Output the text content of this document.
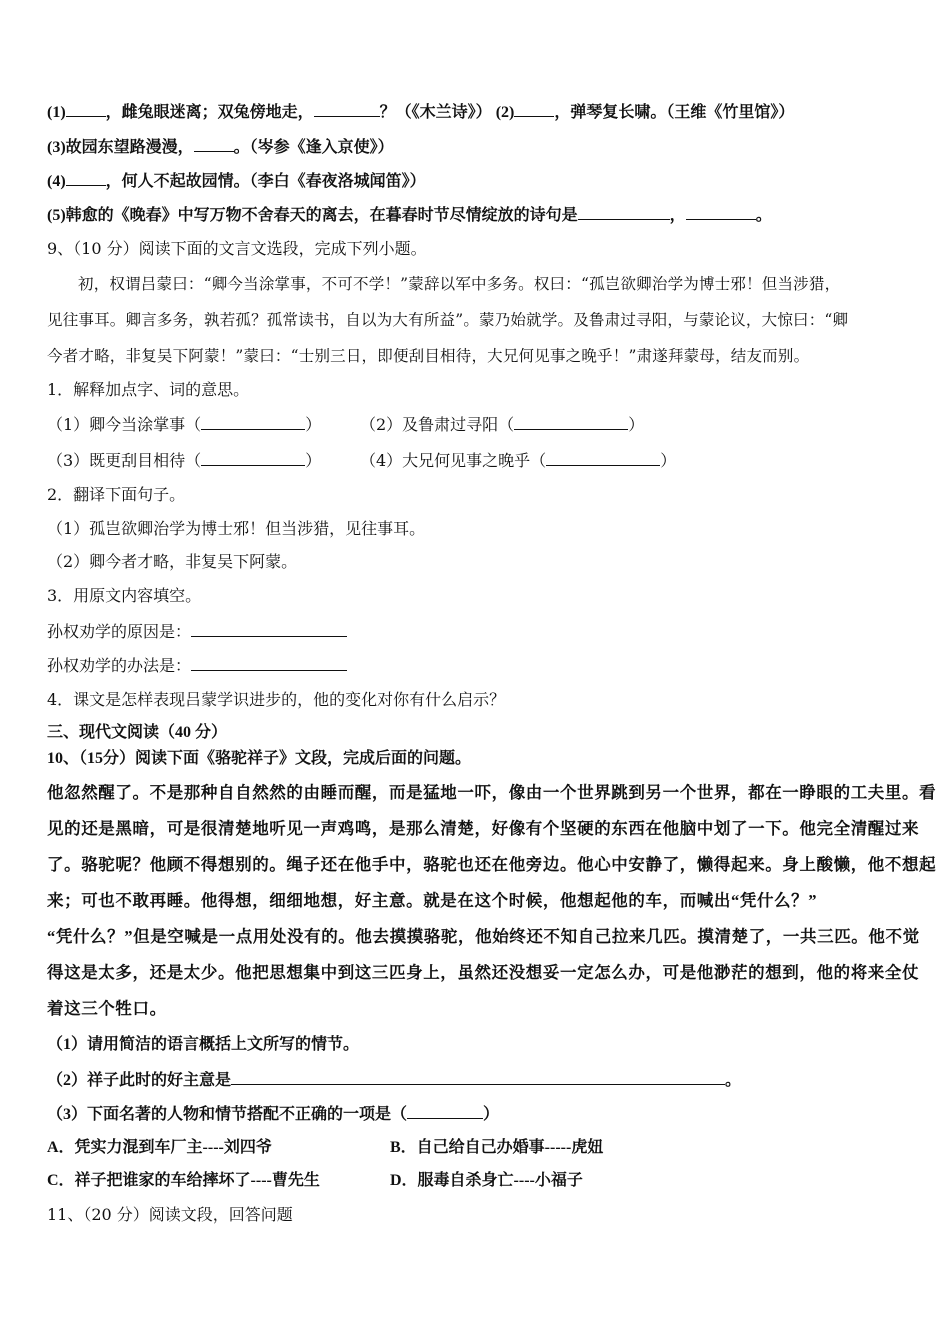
(1)	，雌兔眼迷离；双兔傍地走，	？（《木兰诗》） (2)	，弹琴复长啸。（王维《竹里馆》）
(3)故园东望路漫漫，	。（岑参《逢入京使》）
(4)	，何人不起故园情。（李白《春夜洛城闻笛》）
(5)韩愈的《晚春》中写万物不舍春天的离去，在暮春时节尽情绽放的诗句是	，	。
9、（10 分）阅读下面的文言文选段，完成下列小题。
初，权谓吕蒙曰：“卿今当涂掌事，不可不学！”蒙辞以军中多务。权曰：“孤岂欲卿治学为博士邪！但当涉猎，
见往事耳。卿言多务，孰若孤？孤常读书，自以为大有所益”。蒙乃始就学。及鲁肃过寻阳，与蒙论议，大惊曰：“卿
今者才略，非复吴下阿蒙！”蒙曰：“士别三日，即便刮目相待，大兄何见事之晚乎！”肃遂拜蒙母，结友而别。
1．解释加点字、词的意思。
（1）卿今当涂掌事（	） （2）及鲁肃过寻阳（	）
（3）既更刮目相待（	） （4）大兄何见事之晚乎（	）
2．翻译下面句子。
（1）孤岂欲卿治学为博士邪！但当涉猎，见往事耳。
（2）卿今者才略，非复吴下阿蒙。
3．用原文内容填空。
孙权劝学的原因是：
孙权劝学的办法是：
4．课文是怎样表现吕蒙学识进步的，他的变化对你有什么启示？
三、现代文阅读（40 分）
10、（15分）阅读下面《骆驼祥子》文段，完成后面的问题。
他忽然醒了。不是那种自自然然的由睡而醒，而是猛地一吓，像由一个世界跳到另一个世界，都在一睁眼的工夫里。看
见的还是黑暗，可是很清楚地听见一声鸡鸣，是那么清楚，好像有个坚硬的东西在他脑中划了一下。他完全清醒过来
了。骆驼呢？他顾不得想别的。绳子还在他手中，骆驼也还在他旁边。他心中安静了，懒得起来。身上酸懒，他不想起
来；可也不敢再睡。他得想，细细地想，好主意。就是在这个时候，他想起他的车，而喊出“凭什么？”
“凭什么？”但是空喊是一点用处没有的。他去摸摸骆驼，他始终还不知自己拉来几匹。摸清楚了，一共三匹。他不觉
得这是太多，还是太少。他把思想集中到这三匹身上，虽然还没想妥一定怎么办，可是他渺茫的想到，他的将来全仗
着这三个牲口。
（1）请用简洁的语言概括上文所写的情节。
（2）祥子此时的好主意是	。
（3）下面名著的人物和情节搭配不正确的一项是（	）
A．凭实力混到车厂主----刘四爷	B．自己给自己办婚事-----虎妞
C．祥子把谁家的车给摔坏了----曹先生	D．服毒自杀身亡----小福子
11、（20 分）阅读文段，回答问题
